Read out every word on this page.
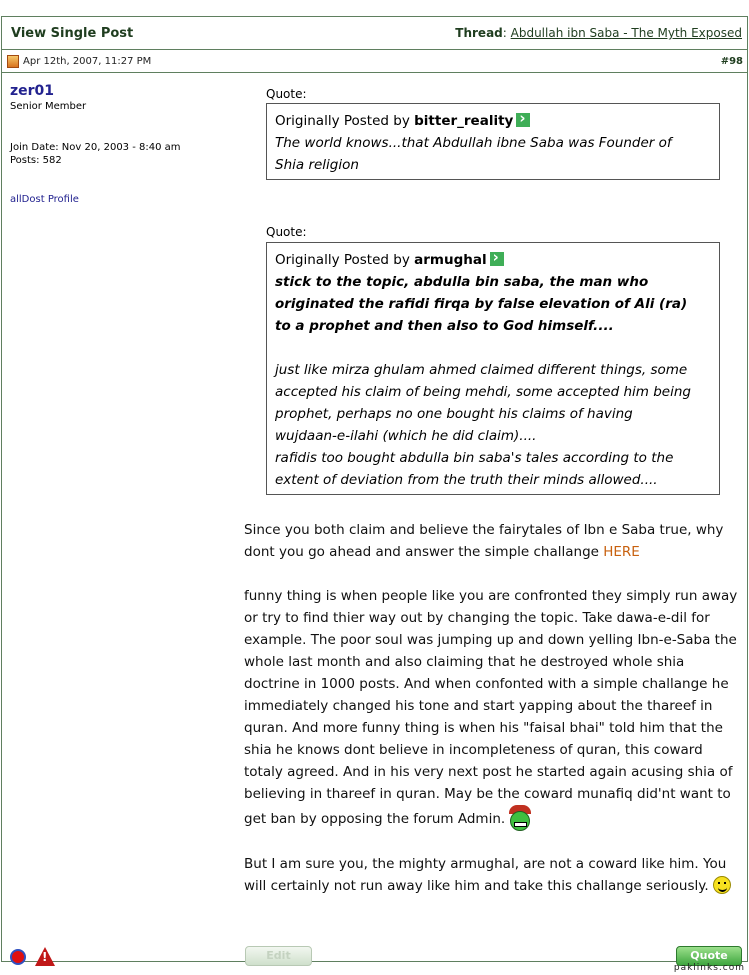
View Single Post	Thread: Abdullah ibn Saba - The Myth Exposed
Apr 12th, 2007, 11:27 PM	#98
zer01
Senior Member
Join Date: Nov 20, 2003 - 8:40 am
Posts: 582
allDost Profile
Quote:
Originally Posted by bitter_reality›
The world knows...that Abdullah ibne Saba was Founder of
Shia religion
Quote:
Originally Posted by armughal›
stick to the topic, abdulla bin saba, the man who
originated the rafidi firqa by false elevation of Ali (ra)
to a prophet and then also to God himself....
just like mirza ghulam ahmed claimed different things, some
accepted his claim of being mehdi, some accepted him being
prophet, perhaps no one bought his claims of having
wujdaan-e-ilahi (which he did claim)....
rafidis too bought abdulla bin saba's tales according to the
extent of deviation from the truth their minds allowed....
Since you both claim and believe the fairytales of Ibn e Saba true, why dont you go ahead and answer the simple challange HERE
funny thing is when people like you are confronted they simply run away or try to find thier way out by changing the topic. Take dawa-e-dil for example. The poor soul was jumping up and down yelling Ibn-e-Saba the whole last month and also claiming that he destroyed whole shia doctrine in 1000 posts. And when confonted with a simple challange he immediately changed his tone and start yapping about the thareef in quran. And more funny thing is when his "faisal bhai" told him that the shia he knows dont believe in incompleteness of quran, this coward totaly agreed. And in his very next post he started again acusing shia of believing in thareef in quran. May be the coward munafiq did'nt want to get ban by opposing the forum Admin.
But I am sure you, the mighty armughal, are not a coward like him. You will certainly not run away like him and take this challange seriously.
!
Edit	Quote
paklinks.com
